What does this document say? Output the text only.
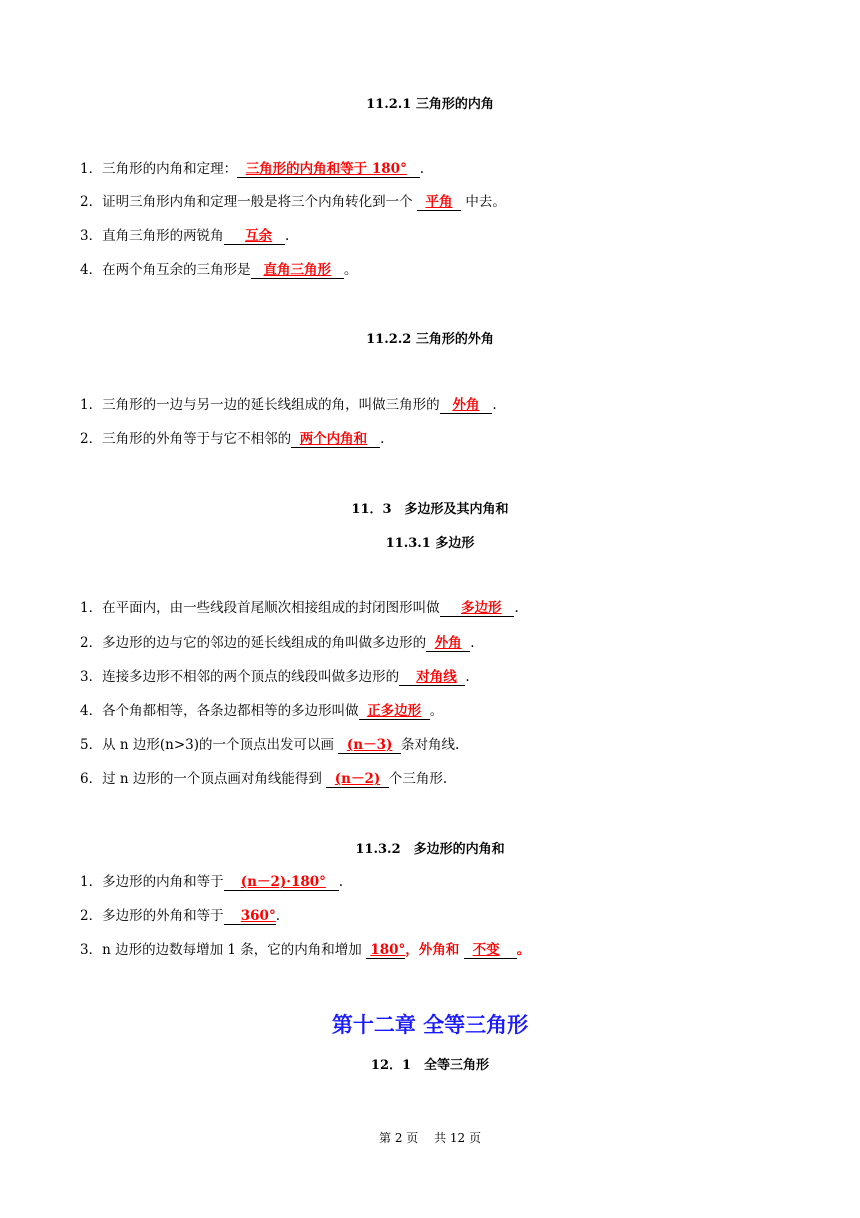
11.2.1 三角形的内角
1．三角形的内角和定理： 三角形的内角和等于 180° .
2．证明三角形内角和定理一般是将三个内角转化到一个   平角   中去。
3．直角三角形的两锐角 互余 .
4．在两个角互余的三角形是 直角三角形 。
11.2.2 三角形的外角
1．三角形的一边与另一边的延长线组成的角，叫做三角形的 外角 .
2．三角形的外角等于与它不相邻的 两个内角和 .
11．3　多边形及其内角和
11.3.1 多边形
1．在平面内，由一些线段首尾顺次相接组成的封闭图形叫做 多边形 .
2．多边形的边与它的邻边的延长线组成的角叫做多边形的 外角 .
3．连接多边形不相邻的两个顶点的线段叫做多边形的 对角线 .
4．各个角都相等，各条边都相等的多边形叫做 正多边形 。
5．从 n 边形(n>3)的一个顶点出发可以画   (n－3) 条对角线.
6．过 n 边形的一个顶点画对角线能得到   (n－2) 个三角形.
11.3.2　多边形的内角和
1．多边形的内角和等于 (n－2)·180° .
2．多边形的外角和等于 360°.
3．n 边形的边数每增加 1 条，它的内角和增加  180°，外角和   不变 。
第十二章 全等三角形
12．1　全等三角形
第 2 页　 共 12 页
